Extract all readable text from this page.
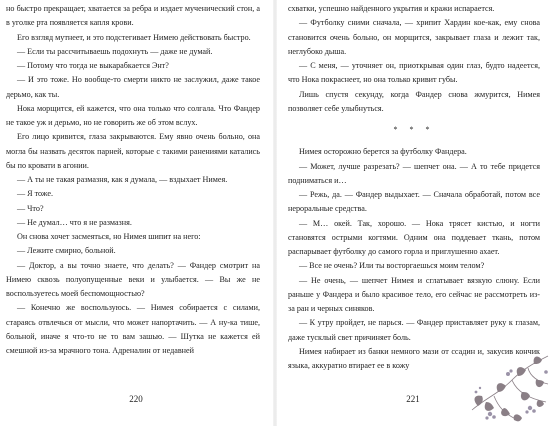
но быстро прекращает, хватается за ребра и издает мученический стон, а в уголке рта появляется капля крови.

Его взгляд мутнеет, и это подстегивает Нимею действовать быстро.

— Если ты рассчитываешь подохнуть — даже не думай.

— Потому что тогда не выкарабкается Энт?

— И это тоже. Но вообще-то смерти никто не заслужил, даже такое дерьмо, как ты.

Нока морщится, ей кажется, что она только что солгала. Что Фандер не такое уж и дерьмо, но не говорить же об этом вслух.

Его лицо кривится, глаза закрываются. Ему явно очень больно, она могла бы назвать десяток парней, которые с такими ранениями катались бы по кровати в агонии.

— А ты не такая размазня, как я думала, — вздыхает Нимея.

— Я тоже.

— Что?

— Не думал… что я не размазня.

Он снова хочет засмеяться, но Нимея шипит на него:

— Лежите смирно, больной.

— Доктор, а вы точно знаете, что делать? — Фандер смотрит на Нимею сквозь полуопущенные веки и улыбается. — Вы же не воспользуетесь моей беспомощностью?

— Конечно же воспользуюсь. — Нимея собирается с силами, стараясь отвлечься от мысли, что может напортачить. — А ну-ка тише, больной, иначе я что-то не то вам зашью. — Шутка не кажется ей смешной из-за мрачного тона. Адреналин от недавней

220

схватки, успешно найденного укрытия и кражи испарается.

— Футболку сними сначала, — хрипит Хардин кое-как, ему снова становится очень больно, он морщится, закрывает глаза и лежит так, неглубоко дыша.

— С меня, — уточняет он, приоткрывая один глаз, будто надеется, что Нока покраснеет, но она только кривит губы.

Лишь спустя секунду, когда Фандер снова жмурится, Нимея позволяет себе улыбнуться.

* * *

Нимея осторожно берется за футболку Фандера.

— Может, лучше разрезать? — шепчет она. — А то тебе придется подниматься и…

— Режь, да. — Фандер выдыхает. — Сначала обработай, потом все нероральные средства.

— М… окей. Так, хорошо. — Нока трясет кистью, и ногти становятся острыми когтями. Одним она поддевает ткань, потом распарывает футболку до самого горла и приглушенно ахает.

— Все не очень? Или ты восторгаешься моим телом?

— Не очень, — шепчет Нимея и сглатывает вязкую слюну. Если раньше у Фандера и было красивое тело, его сейчас не рассмотреть из-за ран и черных синяков.

— К утру пройдет, не парься. — Фандер приставляет руку к глазам, даже тусклый свет причиняет боль.

Нимея набирает из банки немного мази от ссадин и, закусив кончик языка, аккуратно втирает ее в кожу

221
